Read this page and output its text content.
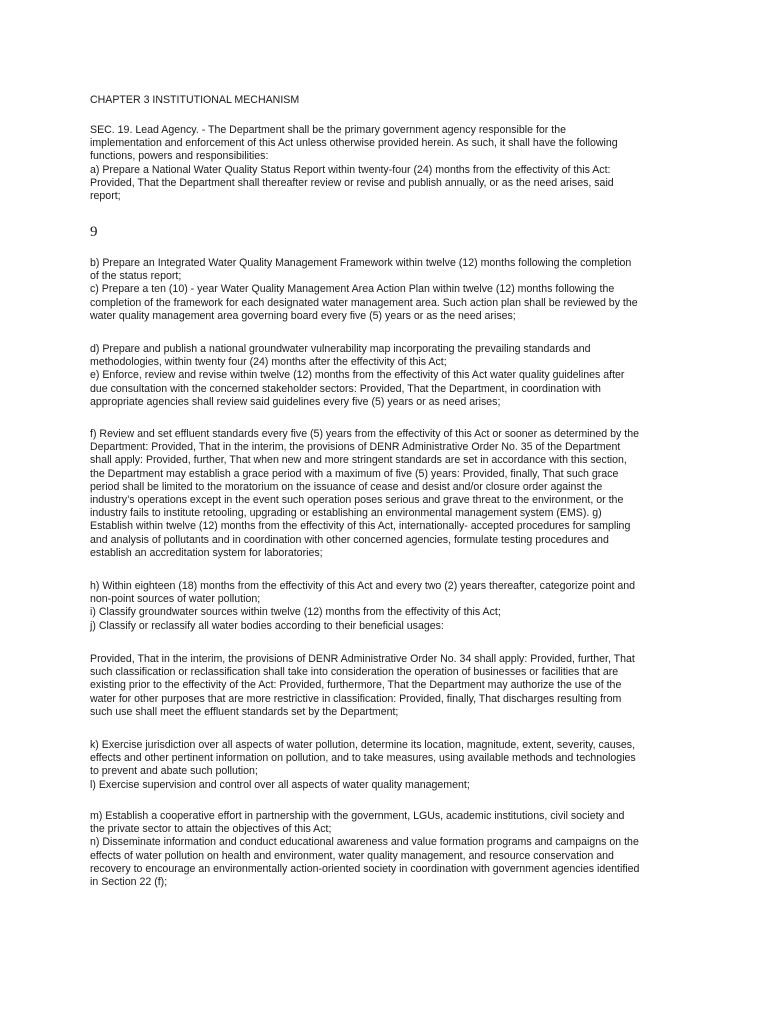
CHAPTER 3 INSTITUTIONAL MECHANISM

SEC. 19. Lead Agency. - The Department shall be the primary government agency responsible for the
implementation and enforcement of this Act unless otherwise provided herein. As such, it shall have the following
functions, powers and responsibilities:
a) Prepare a National Water Quality Status Report within twenty-four (24) months from the effectivity of this Act:
Provided, That the Department shall thereafter review or revise and publish annually, or as the need arises, said
report;

9

b) Prepare an Integrated Water Quality Management Framework within twelve (12) months following the completion
of the status report;
c) Prepare a ten (10) - year Water Quality Management Area Action Plan within twelve (12) months following the
completion of the framework for each designated water management area. Such action plan shall be reviewed by the
water quality management area governing board every five (5) years or as the need arises;

d) Prepare and publish a national groundwater vulnerability map incorporating the prevailing standards and
methodologies, within twenty four (24) months after the effectivity of this Act;
e) Enforce, review and revise within twelve (12) months from the effectivity of this Act water quality guidelines after
due consultation with the concerned stakeholder sectors: Provided, That the Department, in coordination with
appropriate agencies shall review said guidelines every five (5) years or as need arises;

f) Review and set effluent standards every five (5) years from the effectivity of this Act or sooner as determined by the
Department: Provided, That in the interim, the provisions of DENR Administrative Order No. 35 of the Department
shall apply: Provided, further, That when new and more stringent standards are set in accordance with this section,
the Department may establish a grace period with a maximum of five (5) years: Provided, finally, That such grace
period shall be limited to the moratorium on the issuance of cease and desist and/or closure order against the
industry’s operations except in the event such operation poses serious and grave threat to the environment, or the
industry fails to institute retooling, upgrading or establishing an environmental management system (EMS). g)
Establish within twelve (12) months from the effectivity of this Act, internationally- accepted procedures for sampling
and analysis of pollutants and in coordination with other concerned agencies, formulate testing procedures and
establish an accreditation system for laboratories;

h) Within eighteen (18) months from the effectivity of this Act and every two (2) years thereafter, categorize point and
non-point sources of water pollution;
i) Classify groundwater sources within twelve (12) months from the effectivity of this Act;
j) Classify or reclassify all water bodies according to their beneficial usages:

Provided, That in the interim, the provisions of DENR Administrative Order No. 34 shall apply: Provided, further, That
such classification or reclassification shall take into consideration the operation of businesses or facilities that are
existing prior to the effectivity of the Act: Provided, furthermore, That the Department may authorize the use of the
water for other purposes that are more restrictive in classification: Provided, finally, That discharges resulting from
such use shall meet the effluent standards set by the Department;

k) Exercise jurisdiction over all aspects of water pollution, determine its location, magnitude, extent, severity, causes,
effects and other pertinent information on pollution, and to take measures, using available methods and technologies
to prevent and abate such pollution;
l) Exercise supervision and control over all aspects of water quality management;

m) Establish a cooperative effort in partnership with the government, LGUs, academic institutions, civil society and
the private sector to attain the objectives of this Act;
n) Disseminate information and conduct educational awareness and value formation programs and campaigns on the
effects of water pollution on health and environment, water quality management, and resource conservation and
recovery to encourage an environmentally action-oriented society in coordination with government agencies identified
in Section 22 (f);
